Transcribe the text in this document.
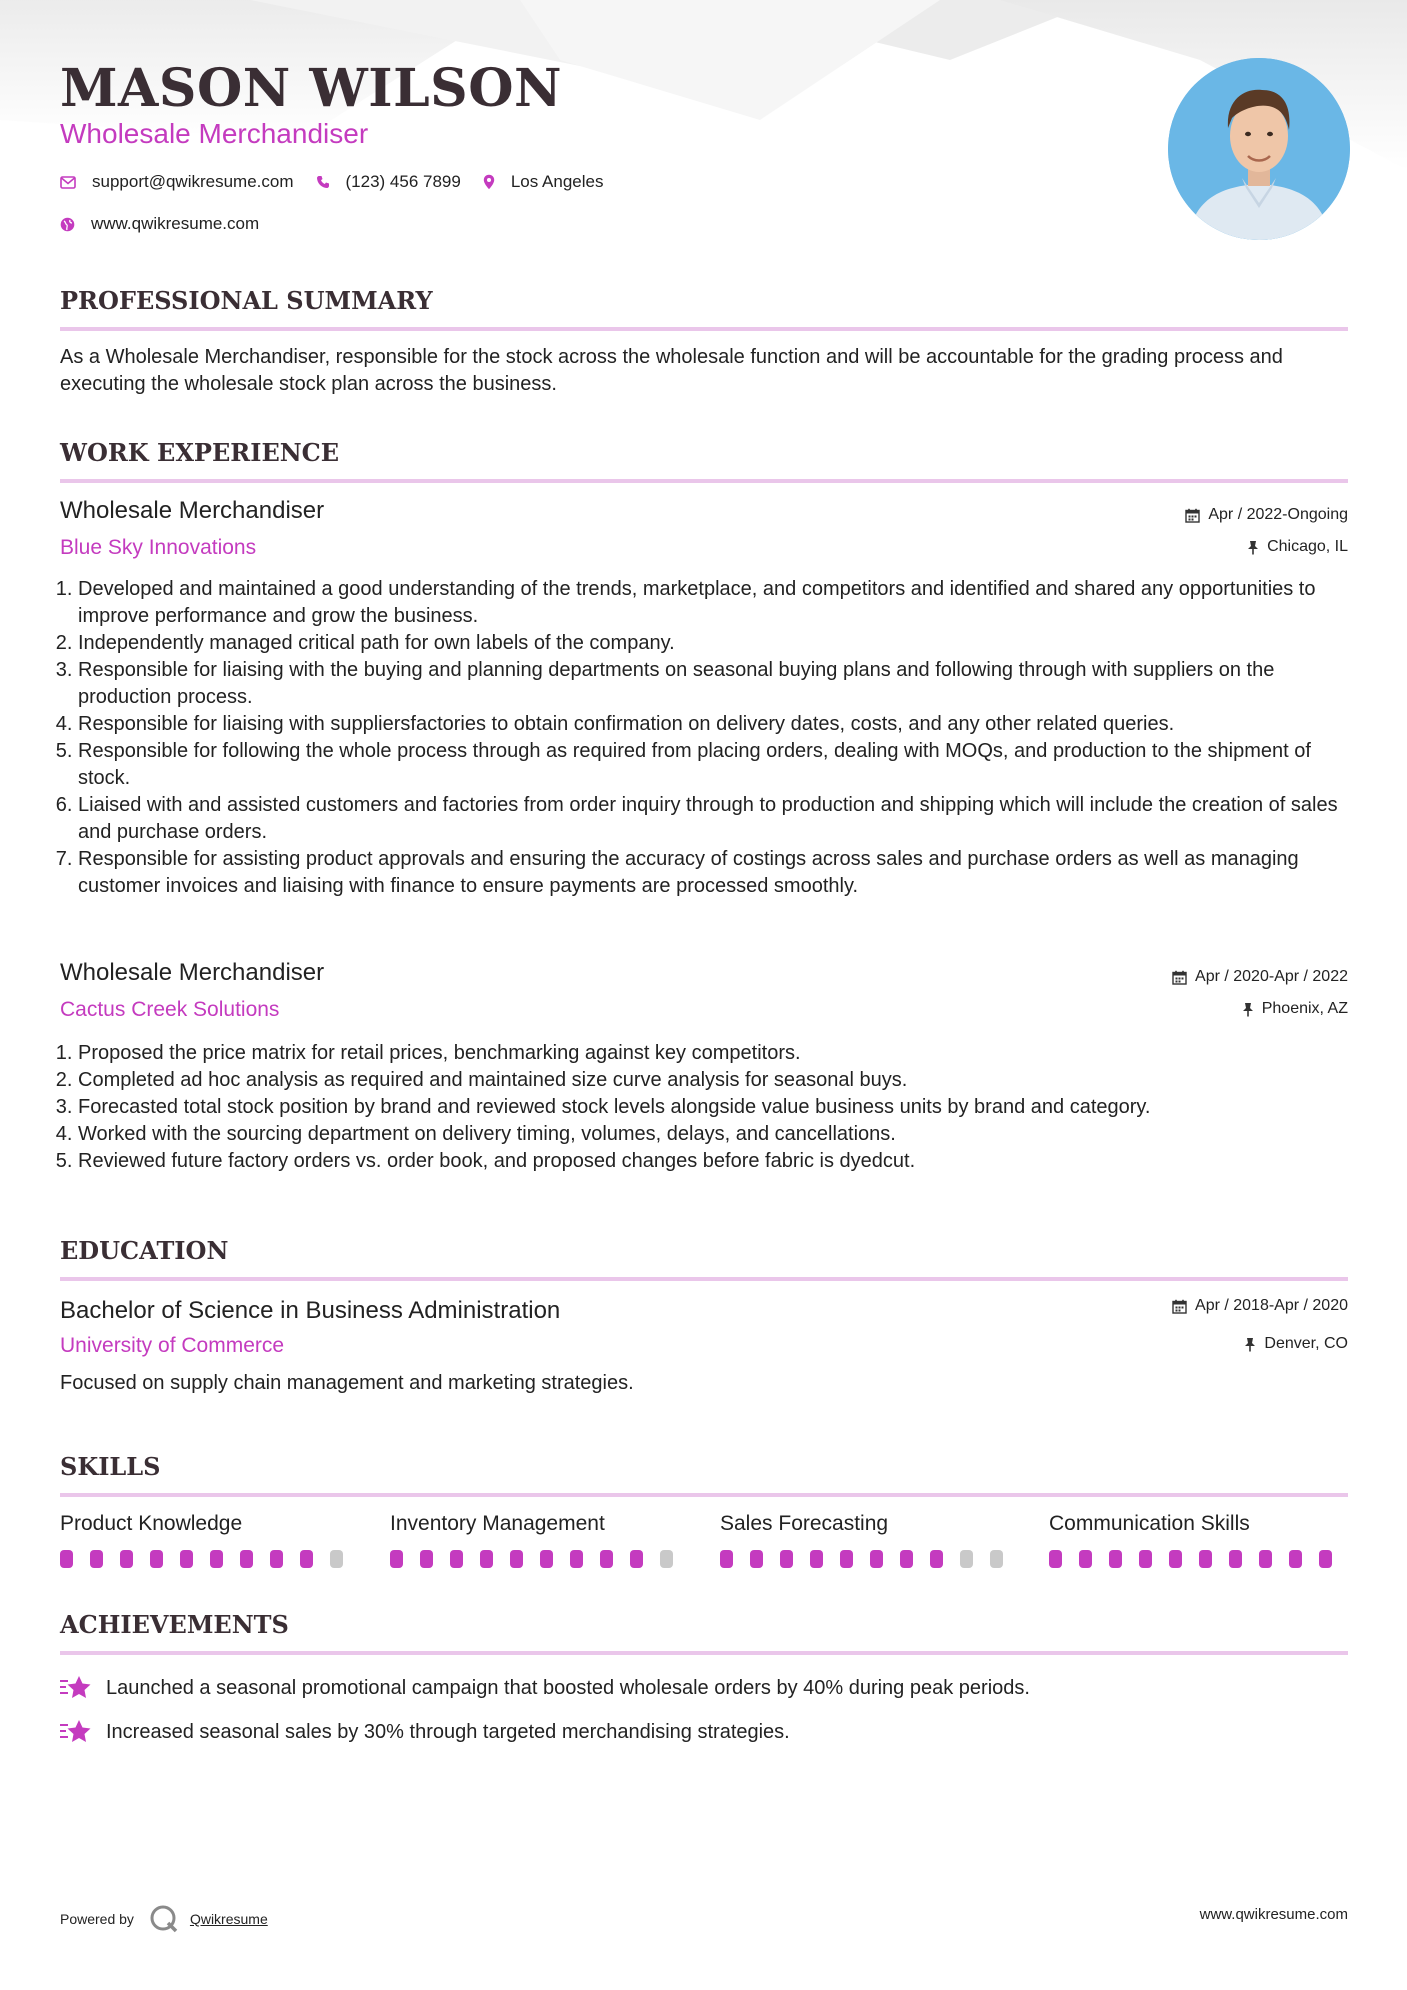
MASON WILSON
Wholesale Merchandiser
support@qwikresume.com	(123) 456 7899	Los Angeles
www.qwikresume.com
PROFESSIONAL SUMMARY
As a Wholesale Merchandiser, responsible for the stock across the wholesale function and will be accountable for the grading process and executing the wholesale stock plan across the business.
WORK EXPERIENCE
Wholesale Merchandiser	Apr / 2022-Ongoing
Blue Sky Innovations	Chicago, IL
1. Developed and maintained a good understanding of the trends, marketplace, and competitors and identified and shared any opportunities to improve performance and grow the business.
2. Independently managed critical path for own labels of the company.
3. Responsible for liaising with the buying and planning departments on seasonal buying plans and following through with suppliers on the production process.
4. Responsible for liaising with suppliersfactories to obtain confirmation on delivery dates, costs, and any other related queries.
5. Responsible for following the whole process through as required from placing orders, dealing with MOQs, and production to the shipment of stock.
6. Liaised with and assisted customers and factories from order inquiry through to production and shipping which will include the creation of sales and purchase orders.
7. Responsible for assisting product approvals and ensuring the accuracy of costings across sales and purchase orders as well as managing customer invoices and liaising with finance to ensure payments are processed smoothly.
Wholesale Merchandiser	Apr / 2020-Apr / 2022
Cactus Creek Solutions	Phoenix, AZ
1. Proposed the price matrix for retail prices, benchmarking against key competitors.
2. Completed ad hoc analysis as required and maintained size curve analysis for seasonal buys.
3. Forecasted total stock position by brand and reviewed stock levels alongside value business units by brand and category.
4. Worked with the sourcing department on delivery timing, volumes, delays, and cancellations.
5. Reviewed future factory orders vs. order book, and proposed changes before fabric is dyedcut.
EDUCATION
Bachelor of Science in Business Administration	Apr / 2018-Apr / 2020
University of Commerce	Denver, CO
Focused on supply chain management and marketing strategies.
SKILLS
Product Knowledge	Inventory Management	Sales Forecasting	Communication Skills
ACHIEVEMENTS
Launched a seasonal promotional campaign that boosted wholesale orders by 40% during peak periods.
Increased seasonal sales by 30% through targeted merchandising strategies.
Powered by	Qwikresume	www.qwikresume.com
